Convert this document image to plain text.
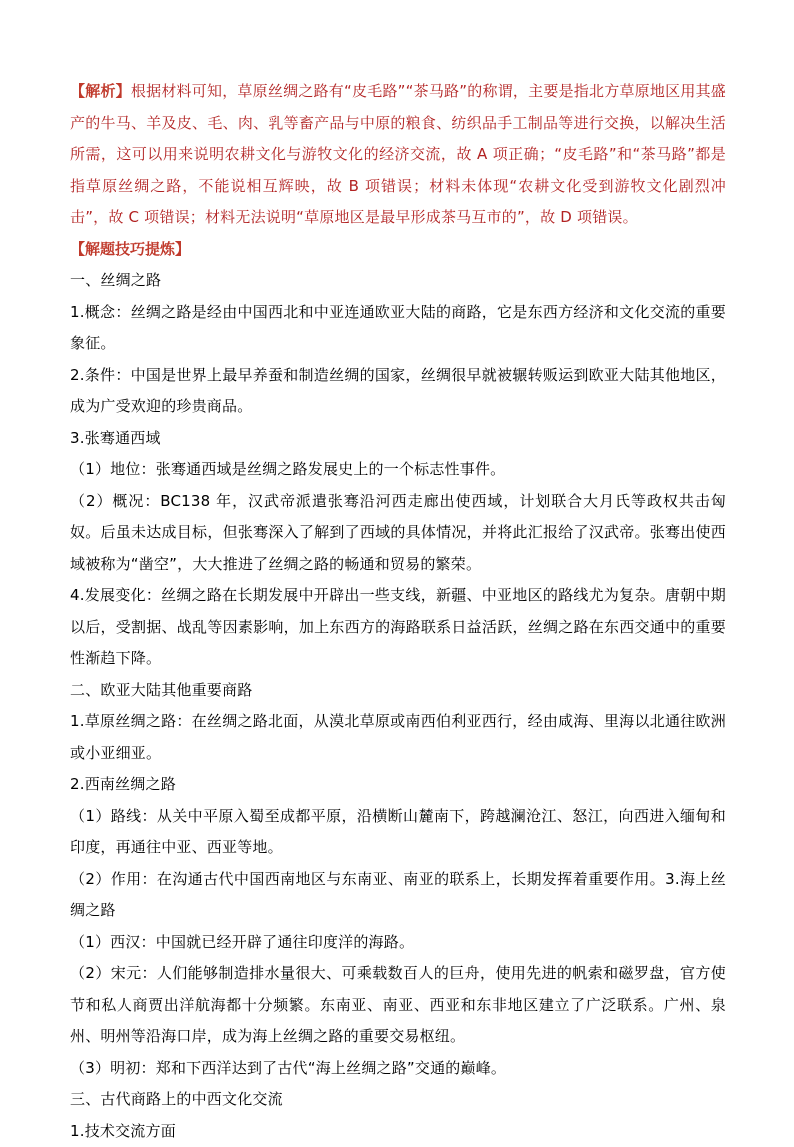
【解析】根据材料可知，草原丝绸之路有“皮毛路”“茶马路”的称谓，主要是指北方草原地区用其盛产的牛马、羊及皮、毛、肉、乳等畜产品与中原的粮食、纺织品手工制品等进行交换，以解决生活所需，这可以用来说明农耕文化与游牧文化的经济交流，故 A 项正确；“皮毛路”和“茶马路”都是指草原丝绸之路，不能说相互辉映，故 B 项错误；材料未体现“农耕文化受到游牧文化剧烈冲击”，故 C 项错误；材料无法说明“草原地区是最早形成茶马互市的”，故 D 项错误。

【解题技巧提炼】

一、丝绸之路

1.概念：丝绸之路是经由中国西北和中亚连通欧亚大陆的商路，它是东西方经济和文化交流的重要象征。

2.条件：中国是世界上最早养蚕和制造丝绸的国家，丝绸很早就被辗转贩运到欧亚大陆其他地区，成为广受欢迎的珍贵商品。

3.张骞通西域

（1）地位：张骞通西域是丝绸之路发展史上的一个标志性事件。

（2）概况：BC138 年，汉武帝派遣张骞沿河西走廊出使西域，计划联合大月氏等政权共击匈奴。后虽未达成目标，但张骞深入了解到了西域的具体情况，并将此汇报给了汉武帝。张骞出使西域被称为“凿空”，大大推进了丝绸之路的畅通和贸易的繁荣。

4.发展变化：丝绸之路在长期发展中开辟出一些支线，新疆、中亚地区的路线尤为复杂。唐朝中期以后，受割据、战乱等因素影响，加上东西方的海路联系日益活跃，丝绸之路在东西交通中的重要性渐趋下降。

二、欧亚大陆其他重要商路

1.草原丝绸之路：在丝绸之路北面，从漠北草原或南西伯利亚西行，经由咸海、里海以北通往欧洲或小亚细亚。

2.西南丝绸之路

（1）路线：从关中平原入蜀至成都平原，沿横断山麓南下，跨越澜沧江、怒江，向西进入缅甸和印度，再通往中亚、西亚等地。

（2）作用：在沟通古代中国西南地区与东南亚、南亚的联系上，长期发挥着重要作用。3.海上丝绸之路

（1）西汉：中国就已经开辟了通往印度洋的海路。

（2）宋元：人们能够制造排水量很大、可乘载数百人的巨舟，使用先进的帆索和磁罗盘，官方使节和私人商贾出洋航海都十分频繁。东南亚、南亚、西亚和东非地区建立了广泛联系。广州、泉州、明州等沿海口岸，成为海上丝绸之路的重要交易枢纽。

（3）明初：郑和下西洋达到了古代“海上丝绸之路”交通的巅峰。

三、古代商路上的中西文化交流

1.技术交流方面
